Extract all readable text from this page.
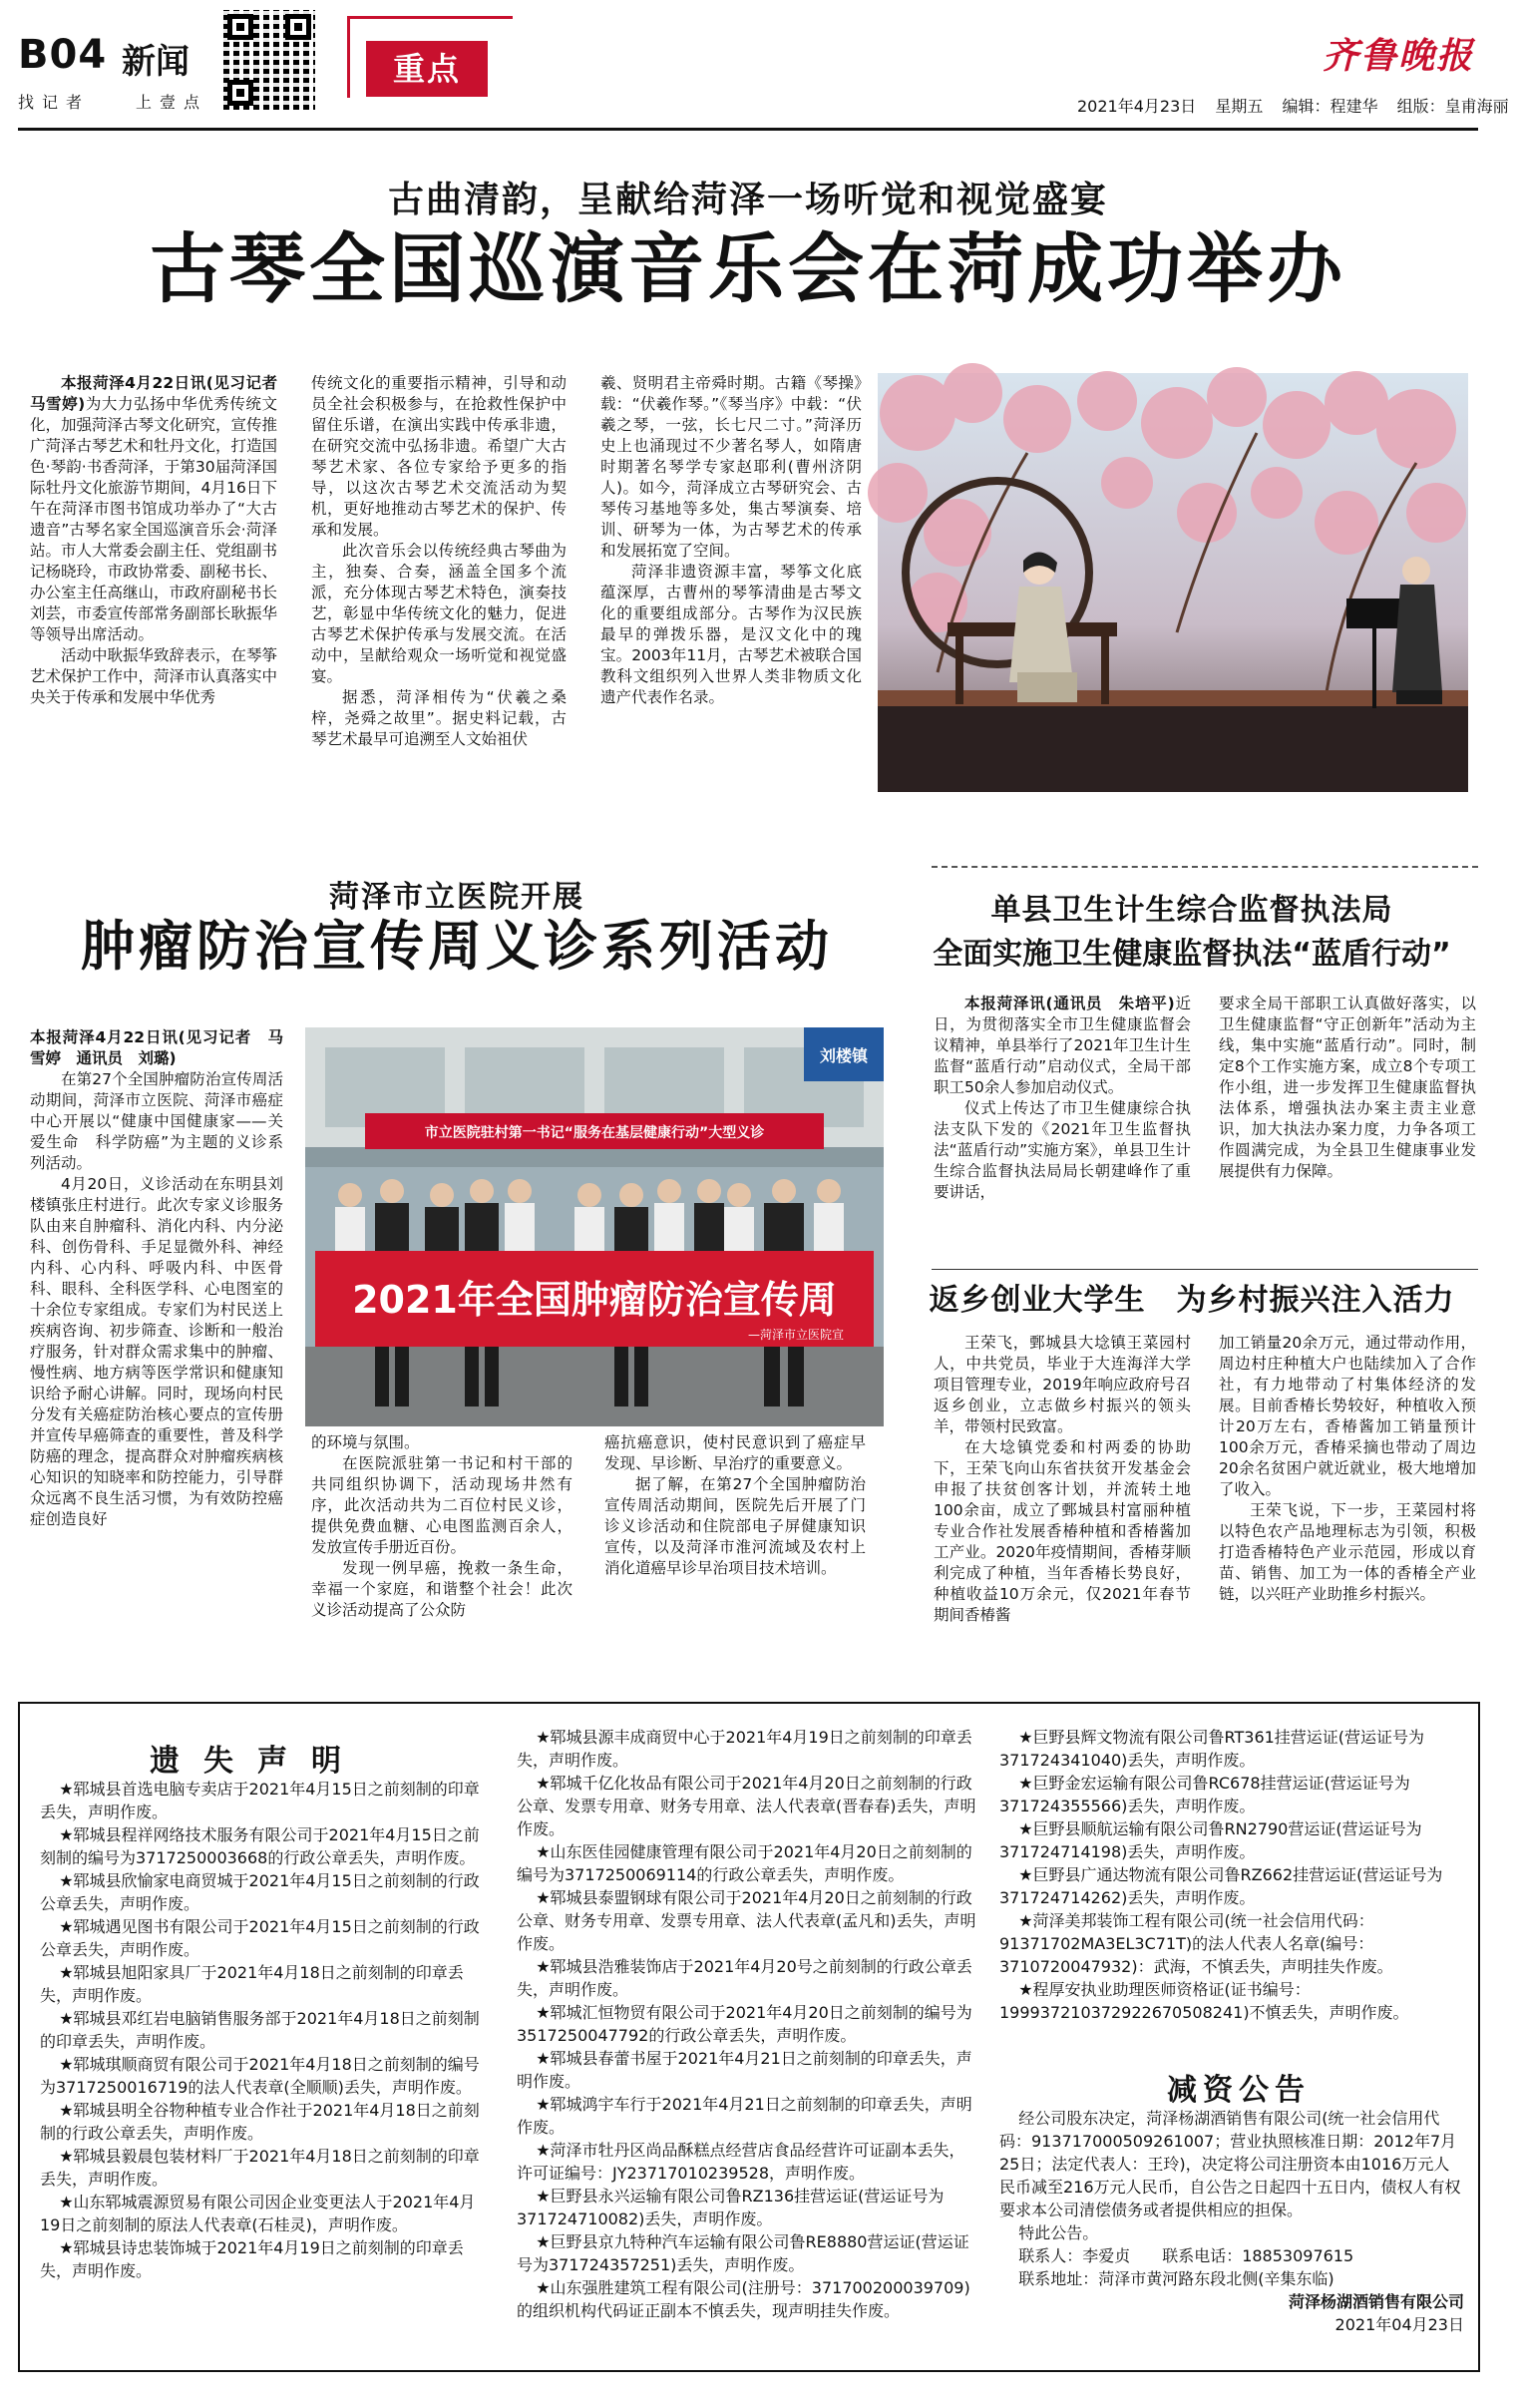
B04 新闻
找记者	上壹点
重点	齐鲁晚报
2021年4月23日 星期五 编辑：程建华 组版：皇甫海丽
古曲清韵，呈献给菏泽一场听觉和视觉盛宴
古琴全国巡演音乐会在菏成功举办

本报菏泽4月22日讯(见习记者　马雪婷)为大力弘扬中华优秀传统文化，加强菏泽古琴文化研究，宣传推广菏泽古琴艺术和牡丹文化，打造国色·琴韵·书香菏泽，于第30届菏泽国际牡丹文化旅游节期间，4月16日下午在菏泽市图书馆成功举办了“大古遗音”古琴名家全国巡演音乐会·菏泽站。市人大常委会副主任、党组副书记杨晓玲，市政协常委、副秘书长、办公室主任高继山，市政府副秘书长刘芸，市委宣传部常务副部长耿振华等领导出席活动。

活动中耿振华致辞表示，在琴筝艺术保护工作中，菏泽市认真落实中央关于传承和发展中华优秀

传统文化的重要指示精神，引导和动员全社会积极参与，在抢救性保护中留住乐谱，在演出实践中传承非遗，在研究交流中弘扬非遗。希望广大古琴艺术家、各位专家给予更多的指导，以这次古琴艺术交流活动为契机，更好地推动古琴艺术的保护、传承和发展。

此次音乐会以传统经典古琴曲为主，独奏、合奏，涵盖全国多个流派，充分体现古琴艺术特色，演奏技艺，彰显中华传统文化的魅力，促进古琴艺术保护传承与发展交流。在活动中，呈献给观众一场听觉和视觉盛宴。

据悉，菏泽相传为“伏羲之桑梓，尧舜之故里”。据史料记载，古琴艺术最早可追溯至人文始祖伏

羲、贤明君主帝舜时期。古籍《琴操》载：“伏羲作琴。”《琴当序》中载：“伏羲之琴，一弦，长七尺二寸。”菏泽历史上也涌现过不少著名琴人，如隋唐时期著名琴学专家赵耶利(曹州济阴人)。如今，菏泽成立古琴研究会、古琴传习基地等多处，集古琴演奏、培训、研琴为一体，为古琴艺术的传承和发展拓宽了空间。

菏泽非遗资源丰富，琴筝文化底蕴深厚，古曹州的琴筝清曲是古琴文化的重要组成部分。古琴作为汉民族最早的弹拨乐器，是汉文化中的瑰宝。2003年11月，古琴艺术被联合国教科文组织列入世界人类非物质文化遗产代表作名录。

菏泽市立医院开展
肿瘤防治宣传周义诊系列活动

本报菏泽4月22日讯(见习记者　马雪婷　通讯员　刘璐)

在第27个全国肿瘤防治宣传周活动期间，菏泽市立医院、菏泽市癌症中心开展以“健康中国健康家——关爱生命　科学防癌”为主题的义诊系列活动。

4月20日，义诊活动在东明县刘楼镇张庄村进行。此次专家义诊服务队由来自肿瘤科、消化内科、内分泌科、创伤骨科、手足显微外科、神经内科、心内科、呼吸内科、中医骨科、眼科、全科医学科、心电图室的十余位专家组成。专家们为村民送上疾病咨询、初步筛查、诊断和一般治疗服务，针对群众需求集中的肿瘤、慢性病、地方病等医学常识和健康知识给予耐心讲解。同时，现场向村民分发有关癌症防治核心要点的宣传册并宣传早癌筛查的重要性，普及科学防癌的理念，提高群众对肿瘤疾病核心知识的知晓率和防控能力，引导群众远离不良生活习惯，为有效防控癌症创造良好

刘楼镇
市立医院驻村第一书记“服务在基层健康行动”大型义诊
2021年全国肿瘤防治宣传周
—菏泽市立医院宣

的环境与氛围。

在医院派驻第一书记和村干部的共同组织协调下，活动现场井然有序，此次活动共为二百位村民义诊，提供免费血糖、心电图监测百余人，发放宣传手册近百份。

发现一例早癌，挽救一条生命，幸福一个家庭，和谐整个社会！此次义诊活动提高了公众防

癌抗癌意识，使村民意识到了癌症早发现、早诊断、早治疗的重要意义。

据了解，在第27个全国肿瘤防治宣传周活动期间，医院先后开展了门诊义诊活动和住院部电子屏健康知识宣传，以及菏泽市淮河流域及农村上消化道癌早诊早治项目技术培训。

单县卫生计生综合监督执法局
全面实施卫生健康监督执法“蓝盾行动”

本报菏泽讯(通讯员　朱培平)近日，为贯彻落实全市卫生健康监督会议精神，单县举行了2021年卫生计生监督“蓝盾行动”启动仪式，全局干部职工50余人参加启动仪式。

仪式上传达了市卫生健康综合执法支队下发的《2021年卫生监督执法“蓝盾行动”实施方案》，单县卫生计生综合监督执法局局长朝建峰作了重要讲话，

要求全局干部职工认真做好落实，以卫生健康监督“守正创新年”活动为主线，集中实施“蓝盾行动”。同时，制定8个工作实施方案，成立8个专项工作小组，进一步发挥卫生健康监督执法体系，增强执法办案主责主业意识，加大执法办案力度，力争各项工作圆满完成，为全县卫生健康事业发展提供有力保障。

返乡创业大学生　为乡村振兴注入活力

王荣飞，鄄城县大埝镇王菜园村人，中共党员，毕业于大连海洋大学项目管理专业，2019年响应政府号召返乡创业，立志做乡村振兴的领头羊，带领村民致富。

在大埝镇党委和村两委的协助下，王荣飞向山东省扶贫开发基金会申报了扶贫创客计划，并流转土地100余亩，成立了鄄城县村富丽种植专业合作社发展香椿种植和香椿酱加工产业。2020年疫情期间，香椿芽顺利完成了种植，当年香椿长势良好，种植收益10万余元，仅2021年春节期间香椿酱

加工销量20余万元，通过带动作用，周边村庄种植大户也陆续加入了合作社，有力地带动了村集体经济的发展。目前香椿长势较好，种植收入预计20万左右，香椿酱加工销量预计100余万元，香椿采摘也带动了周边20余名贫困户就近就业，极大地增加了收入。

王荣飞说，下一步，王菜园村将以特色农产品地理标志为引领，积极打造香椿特色产业示范园，形成以育苗、销售、加工为一体的香椿全产业链，以兴旺产业助推乡村振兴。

遗失声明

★郓城县首选电脑专卖店于2021年4月15日之前刻制的印章丢失，声明作废。

★郓城县程祥网络技术服务有限公司于2021年4月15日之前刻制的编号为3717250003668的行政公章丢失，声明作废。

★郓城县欣愉家电商贸城于2021年4月15日之前刻制的行政公章丢失，声明作废。

★郓城遇见图书有限公司于2021年4月15日之前刻制的行政公章丢失，声明作废。

★郓城县旭阳家具厂于2021年4月18日之前刻制的印章丢失，声明作废。

★郓城县邓红岩电脑销售服务部于2021年4月18日之前刻制的印章丢失，声明作废。

★郓城琪顺商贸有限公司于2021年4月18日之前刻制的编号为3717250016719的法人代表章(全顺顺)丢失，声明作废。

★郓城县明全谷物种植专业合作社于2021年4月18日之前刻制的行政公章丢失，声明作废。

★郓城县毅晨包装材料厂于2021年4月18日之前刻制的印章丢失，声明作废。

★山东郓城震源贸易有限公司因企业变更法人于2021年4月19日之前刻制的原法人代表章(石桂灵)，声明作废。

★郓城县诗忠装饰城于2021年4月19日之前刻制的印章丢失，声明作废。

★郓城县源丰成商贸中心于2021年4月19日之前刻制的印章丢失，声明作废。

★郓城千亿化妆品有限公司于2021年4月20日之前刻制的行政公章、发票专用章、财务专用章、法人代表章(晋春春)丢失，声明作废。

★山东医佳园健康管理有限公司于2021年4月20日之前刻制的编号为3717250069114的行政公章丢失，声明作废。

★郓城县泰盟钢球有限公司于2021年4月20日之前刻制的行政公章、财务专用章、发票专用章、法人代表章(孟凡和)丢失，声明作废。

★郓城县浩雅装饰店于2021年4月20号之前刻制的行政公章丢失，声明作废。

★郓城汇恒物贸有限公司于2021年4月20日之前刻制的编号为3517250047792的行政公章丢失，声明作废。

★郓城县春蕾书屋于2021年4月21日之前刻制的印章丢失，声明作废。

★郓城鸿宇车行于2021年4月21日之前刻制的印章丢失，声明作废。

★菏泽市牡丹区尚品酥糕点经营店食品经营许可证副本丢失，许可证编号：JY23717010239528，声明作废。

★巨野县永兴运输有限公司鲁RZ136挂营运证(营运证号为371724710082)丢失，声明作废。

★巨野县京九特种汽车运输有限公司鲁RE8880营运证(营运证号为371724357251)丢失，声明作废。

★山东强胜建筑工程有限公司(注册号：371700200039709)的组织机构代码证正副本不慎丢失，现声明挂失作废。

★巨野县辉文物流有限公司鲁RT361挂营运证(营运证号为371724341040)丢失，声明作废。

★巨野金宏运输有限公司鲁RC678挂营运证(营运证号为371724355566)丢失，声明作废。

★巨野县顺航运输有限公司鲁RN2790营运证(营运证号为371724714198)丢失，声明作废。

★巨野县广通达物流有限公司鲁RZ662挂营运证(营运证号为371724714262)丢失，声明作废。

★菏泽美邦装饰工程有限公司(统一社会信用代码：91371702MA3EL3C71T)的法人代表人名章(编号：3710720047932)：武海，不慎丢失，声明挂失作废。

★程厚安执业助理医师资格证(证书编号：199937210372922670508241)不慎丢失，声明作废。

减资公告

经公司股东决定，菏泽杨湖酒销售有限公司(统一社会信用代码：913717000509261007；营业执照核准日期：2012年7月25日；法定代表人：王玲)，决定将公司注册资本由1016万元人民币减至216万元人民币，自公告之日起四十五日内，债权人有权要求本公司清偿债务或者提供相应的担保。

特此公告。

联系人：李爱贞　　联系电话：18853097615

联系地址：菏泽市黄河路东段北侧(辛集东临)

菏泽杨湖酒销售有限公司

2021年04月23日
